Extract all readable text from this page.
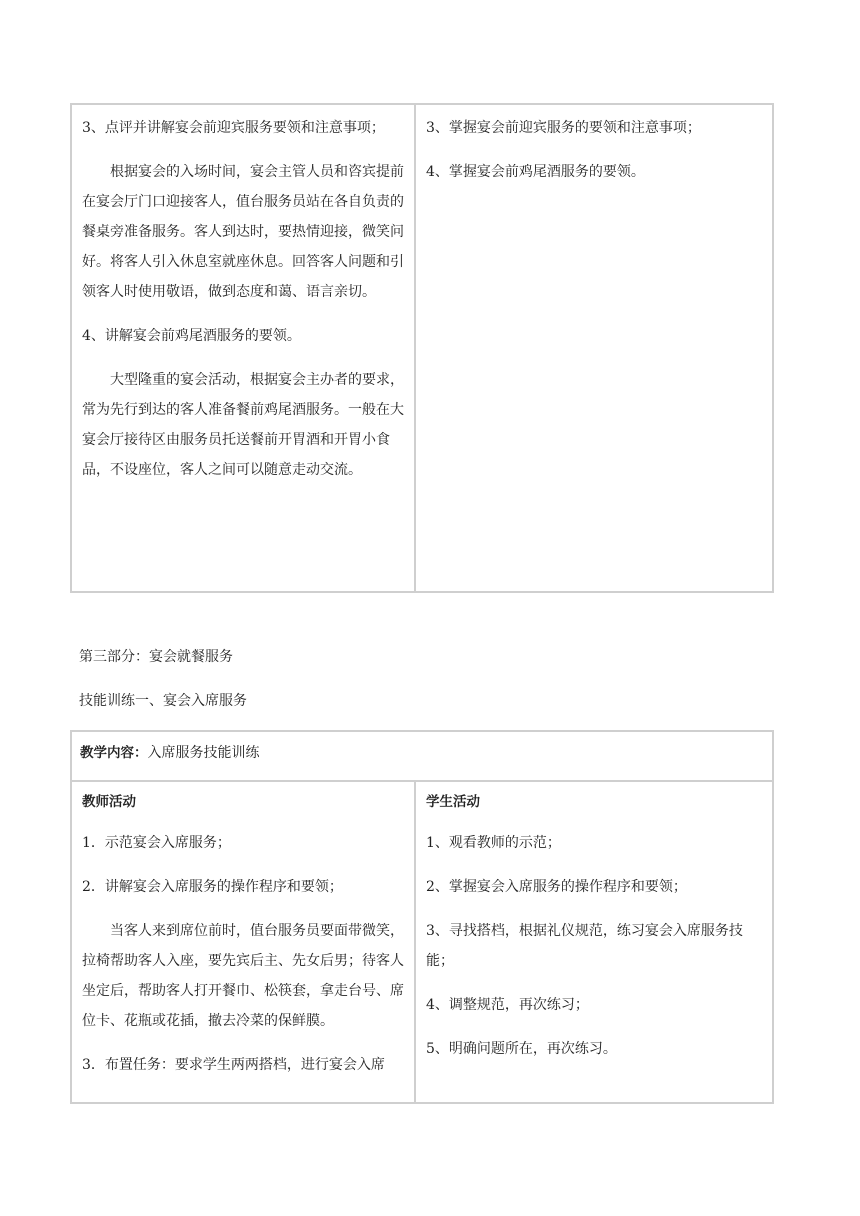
3、点评并讲解宴会前迎宾服务要领和注意事项；

根据宴会的入场时间，宴会主管人员和咨宾提前在宴会厅门口迎接客人，值台服务员站在各自负责的餐桌旁准备服务。客人到达时，要热情迎接，微笑问好。将客人引入休息室就座休息。回答客人问题和引领客人时使用敬语，做到态度和蔼、语言亲切。

4、讲解宴会前鸡尾酒服务的要领。

大型隆重的宴会活动，根据宴会主办者的要求，常为先行到达的客人准备餐前鸡尾酒服务。一般在大宴会厅接待区由服务员托送餐前开胃酒和开胃小食品，不设座位，客人之间可以随意走动交流。

3、掌握宴会前迎宾服务的要领和注意事项；

4、掌握宴会前鸡尾酒服务的要领。

第三部分：宴会就餐服务
技能训练一、宴会入席服务
教学内容：入席服务技能训练

教师活动

1．示范宴会入席服务；

2．讲解宴会入席服务的操作程序和要领；

当客人来到席位前时，值台服务员要面带微笑，拉椅帮助客人入座，要先宾后主、先女后男；待客人坐定后，帮助客人打开餐巾、松筷套，拿走台号、席位卡、花瓶或花插，撤去冷菜的保鲜膜。

3．布置任务：要求学生两两搭档，进行宴会入席

学生活动

1、观看教师的示范；

2、掌握宴会入席服务的操作程序和要领；

3、寻找搭档，根据礼仪规范，练习宴会入席服务技能；

4、调整规范，再次练习；

5、明确问题所在，再次练习。
